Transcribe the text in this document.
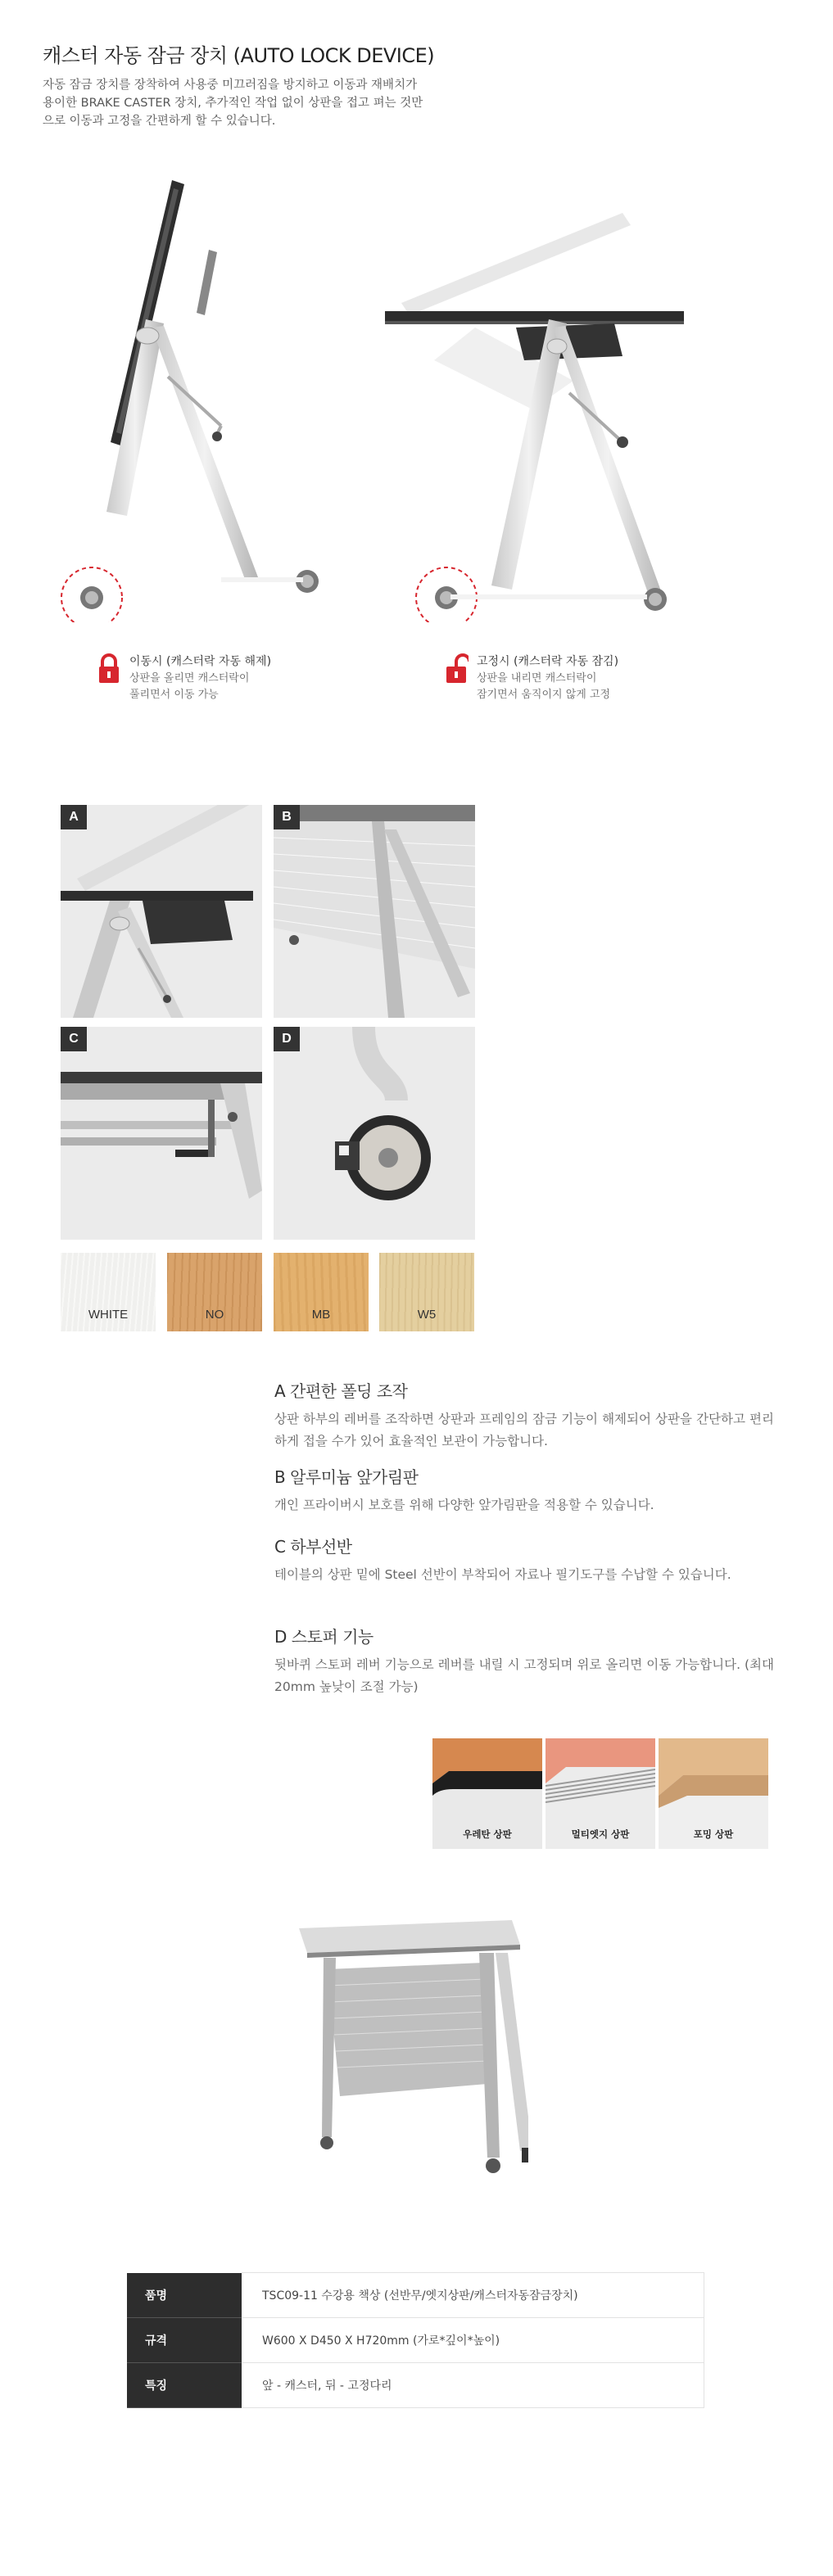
캐스터 자동 잠금 장치 (AUTO LOCK DEVICE)
자동 잠금 장치를 장착하여 사용중 미끄러짐을 방지하고 이동과 재배치가 용이한 BRAKE CASTER 장치, 추가적인 작업 없이 상판을 접고 펴는 것만으로 이동과 고정을 간편하게 할 수 있습니다.
이동시 (캐스터락 자동 해제)
상판을 올리면 캐스터락이
풀리면서 이동 가능
고정시 (캐스터락 자동 잠김)
상판을 내리면 캐스터락이
잠기면서 움직이지 않게 고정
A	B
C	D
WHITE	NO	MB	W5
A 간편한 폴딩 조작
상판 하부의 레버를 조작하면 상판과 프레임의 잠금 기능이 해제되어 상판을 간단하고 편리하게 접을 수가 있어 효율적인 보관이 가능합니다.
B 알루미늄 앞가림판
개인 프라이버시 보호를 위해 다양한 앞가림판을 적용할 수 있습니다.
C 하부선반
테이블의 상판 밑에 Steel 선반이 부착되어 자료나 필기도구를 수납할 수 있습니다.
D 스토퍼 기능
뒷바퀴 스토퍼 레버 기능으로 레버를 내릴 시 고정되며 위로 올리면 이동 가능합니다. (최대 20mm 높낮이 조절 가능)
우레탄 상판	멀티엣지 상판	포밍 상판
품명	TSC09-11 수강용 책상 (선반무/엣지상판/캐스터자동잠금장치)
규격	W600 X D450 X H720mm (가로*깊이*높이)
특징	앞 - 캐스터, 뒤 - 고정다리
